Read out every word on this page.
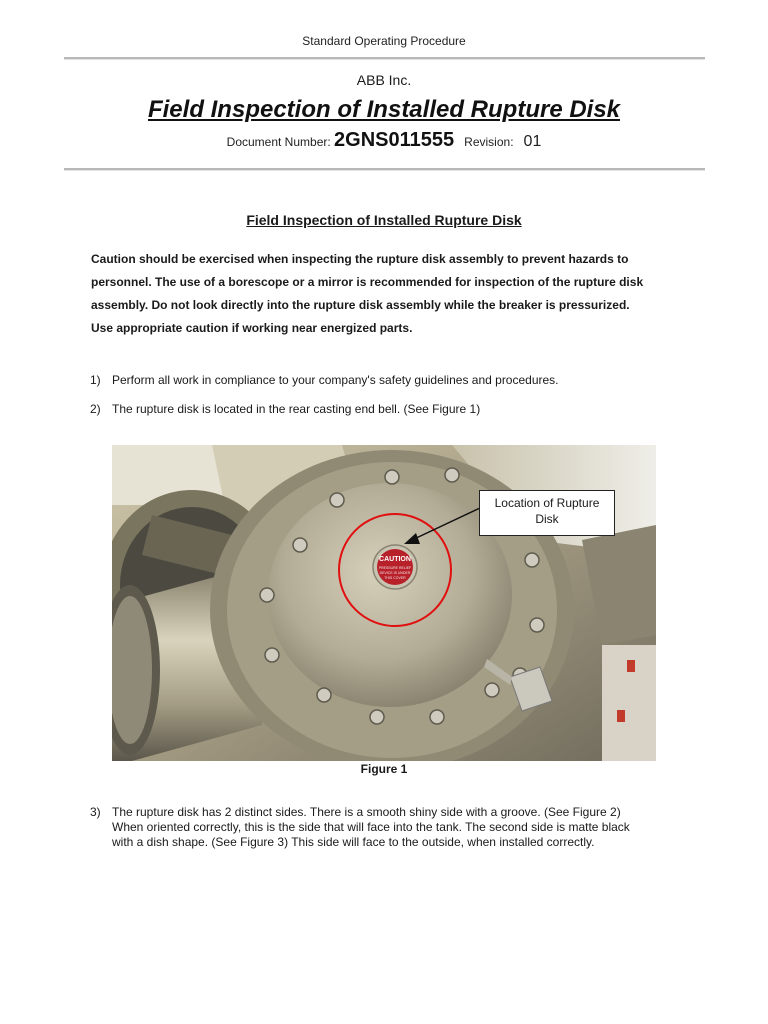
Standard Operating Procedure
ABB Inc.
Field Inspection of Installed Rupture Disk
Document Number: 2GNS011555 Revision: 01
Field Inspection of Installed Rupture Disk
Caution should be exercised when inspecting the rupture disk assembly to prevent hazards to
personnel. The use of a borescope or a mirror is recommended for inspection of the rupture disk
assembly. Do not look directly into the rupture disk assembly while the breaker is pressurized.
Use appropriate caution if working near energized parts.
1) Perform all work in compliance to your company's safety guidelines and procedures.
2) The rupture disk is located in the rear casting end bell. (See Figure 1)
CAUTION
PRESSURE RELIEF
DEVICE IS UNDER
THIS COVER
Location of Rupture
Disk
Figure 1
3) The rupture disk has 2 distinct sides. There is a smooth shiny side with a groove. (See Figure 2)
When oriented correctly, this is the side that will face into the tank. The second side is matte black
with a dish shape. (See Figure 3) This side will face to the outside, when installed correctly.
